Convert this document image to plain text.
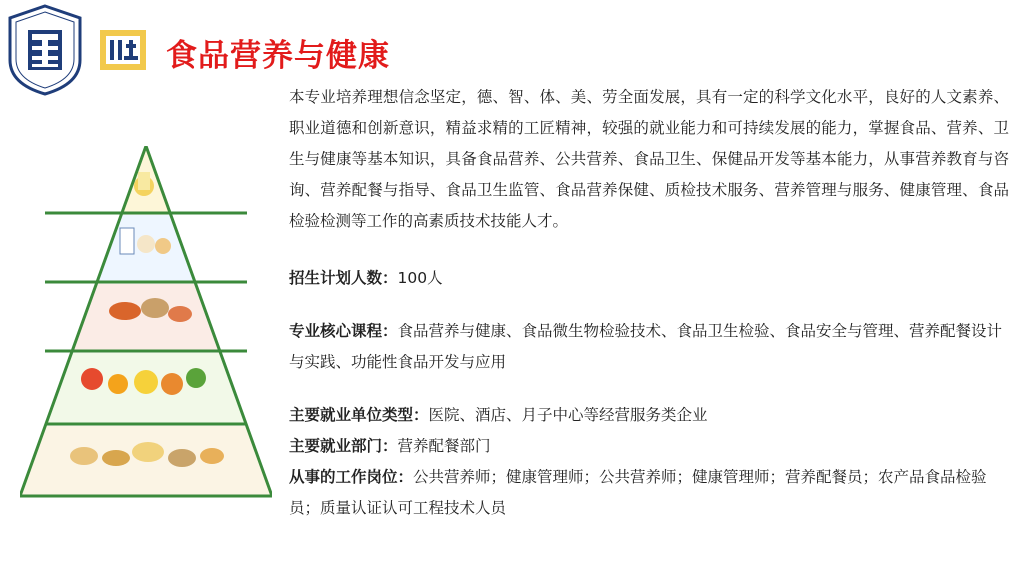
食品营养与健康

本专业培养理想信念坚定，德、智、体、美、劳全面发展，具有一定的科学文化水平，良好的人文素养、职业道德和创新意识，精益求精的工匠精神，较强的就业能力和可持续发展的能力，掌握食品、营养、卫生与健康等基本知识，具备食品营养、公共营养、食品卫生、保健品开发等基本能力，从事营养教育与咨询、营养配餐与指导、食品卫生监管、食品营养保健、质检技术服务、营养管理与服务、健康管理、食品检验检测等工作的高素质技术技能人才。

招生计划人数：100人

专业核心课程：食品营养与健康、食品微生物检验技术、食品卫生检验、食品安全与管理、营养配餐设计与实践、功能性食品开发与应用

主要就业单位类型：医院、酒店、月子中心等经营服务类企业

主要就业部门：营养配餐部门

从事的工作岗位：公共营养师；健康管理师；公共营养师；健康管理师；营养配餐员；农产品食品检验员；质量认证认可工程技术人员
